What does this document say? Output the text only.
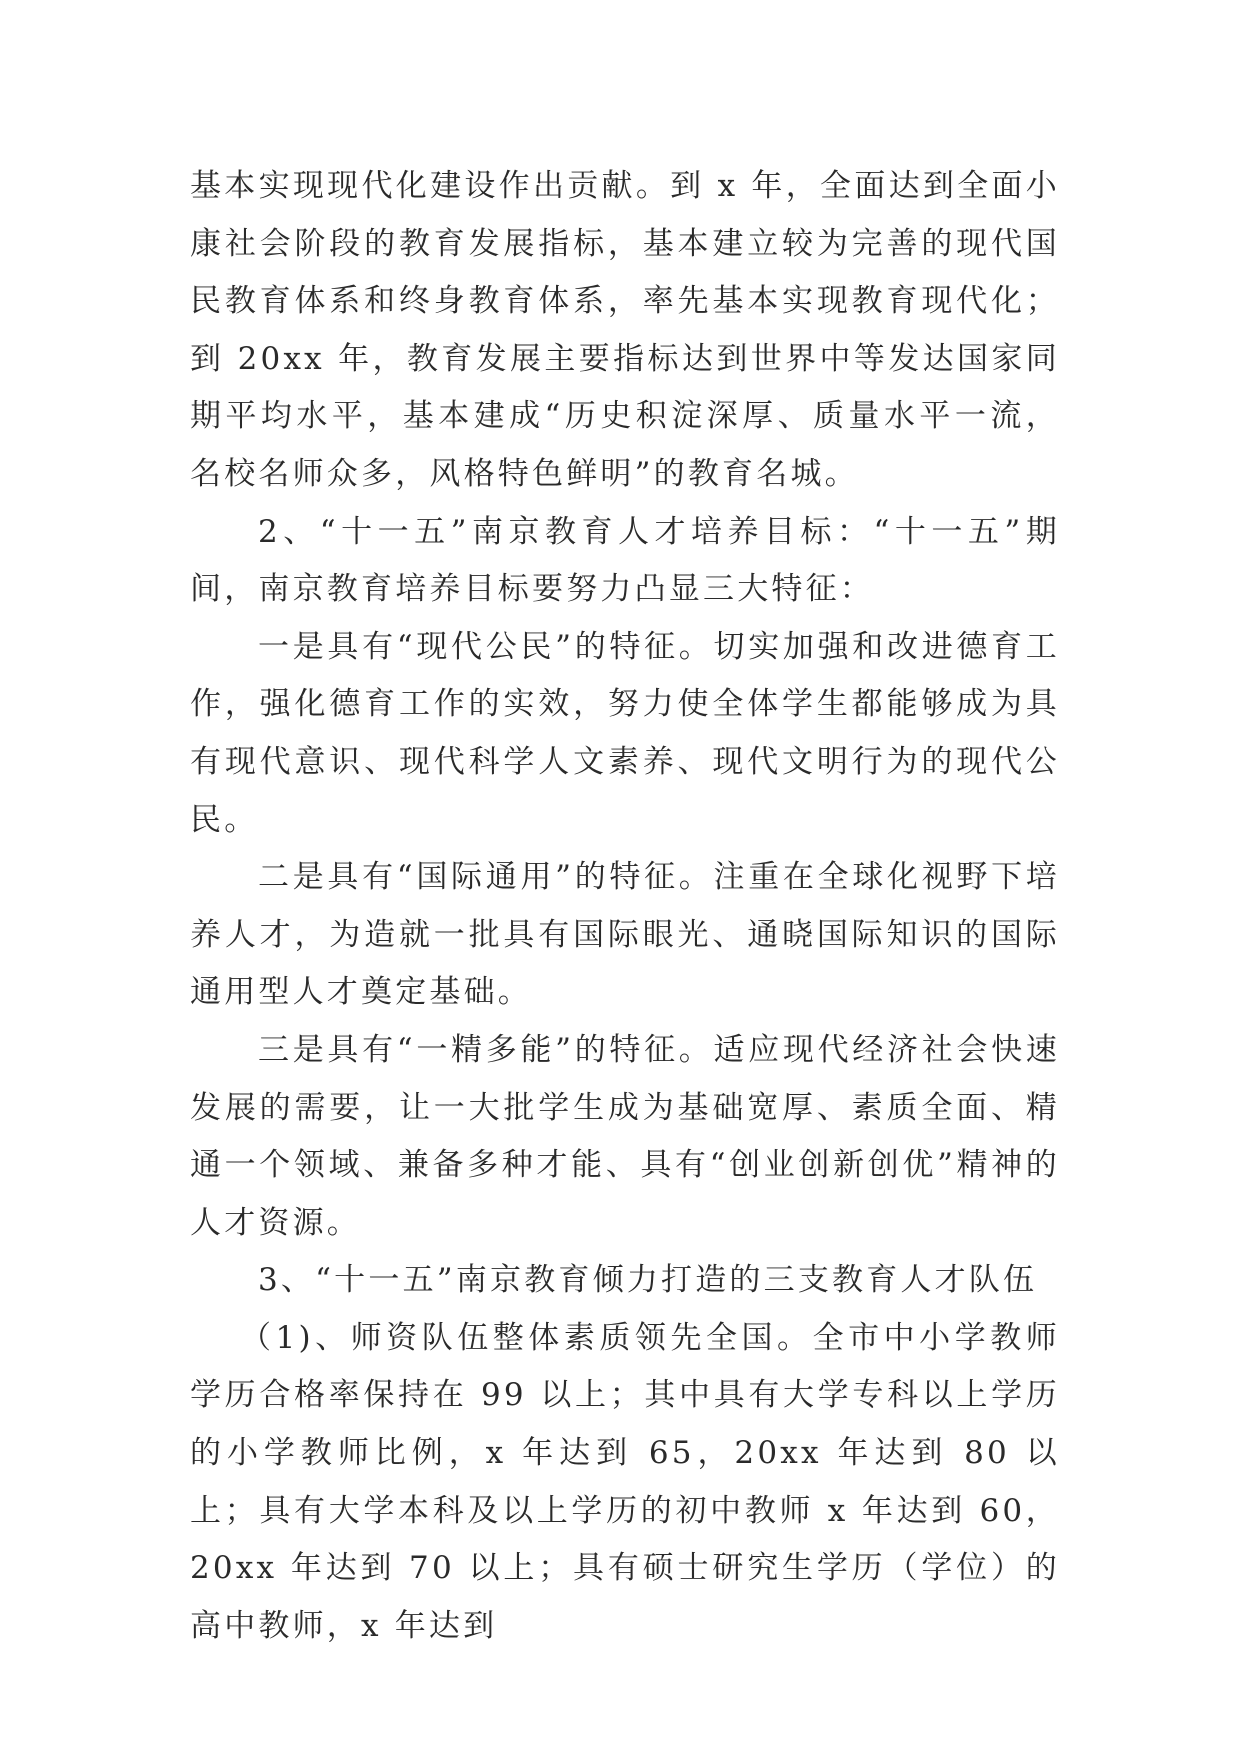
基本实现现代化建设作出贡献。到 x 年，全面达到全面小康社会阶段的教育发展指标，基本建立较为完善的现代国民教育体系和终身教育体系，率先基本实现教育现代化；到 20xx 年，教育发展主要指标达到世界中等发达国家同期平均水平，基本建成“历史积淀深厚、质量水平一流，名校名师众多，风格特色鲜明”的教育名城。

2、“十一五”南京教育人才培养目标：“十一五”期间，南京教育培养目标要努力凸显三大特征：

一是具有“现代公民”的特征。切实加强和改进德育工作，强化德育工作的实效，努力使全体学生都能够成为具有现代意识、现代科学人文素养、现代文明行为的现代公民。

二是具有“国际通用”的特征。注重在全球化视野下培养人才，为造就一批具有国际眼光、通晓国际知识的国际通用型人才奠定基础。

三是具有“一精多能”的特征。适应现代经济社会快速发展的需要，让一大批学生成为基础宽厚、素质全面、精通一个领域、兼备多种才能、具有“创业创新创优”精神的人才资源。

3、“十一五”南京教育倾力打造的三支教育人才队伍

（1)、师资队伍整体素质领先全国。全市中小学教师学历合格率保持在 99 以上；其中具有大学专科以上学历的小学教师比例，x 年达到 65，20xx 年达到 80 以上；具有大学本科及以上学历的初中教师 x 年达到 60，20xx 年达到 70 以上；具有硕士研究生学历（学位）的高中教师，x 年达到
